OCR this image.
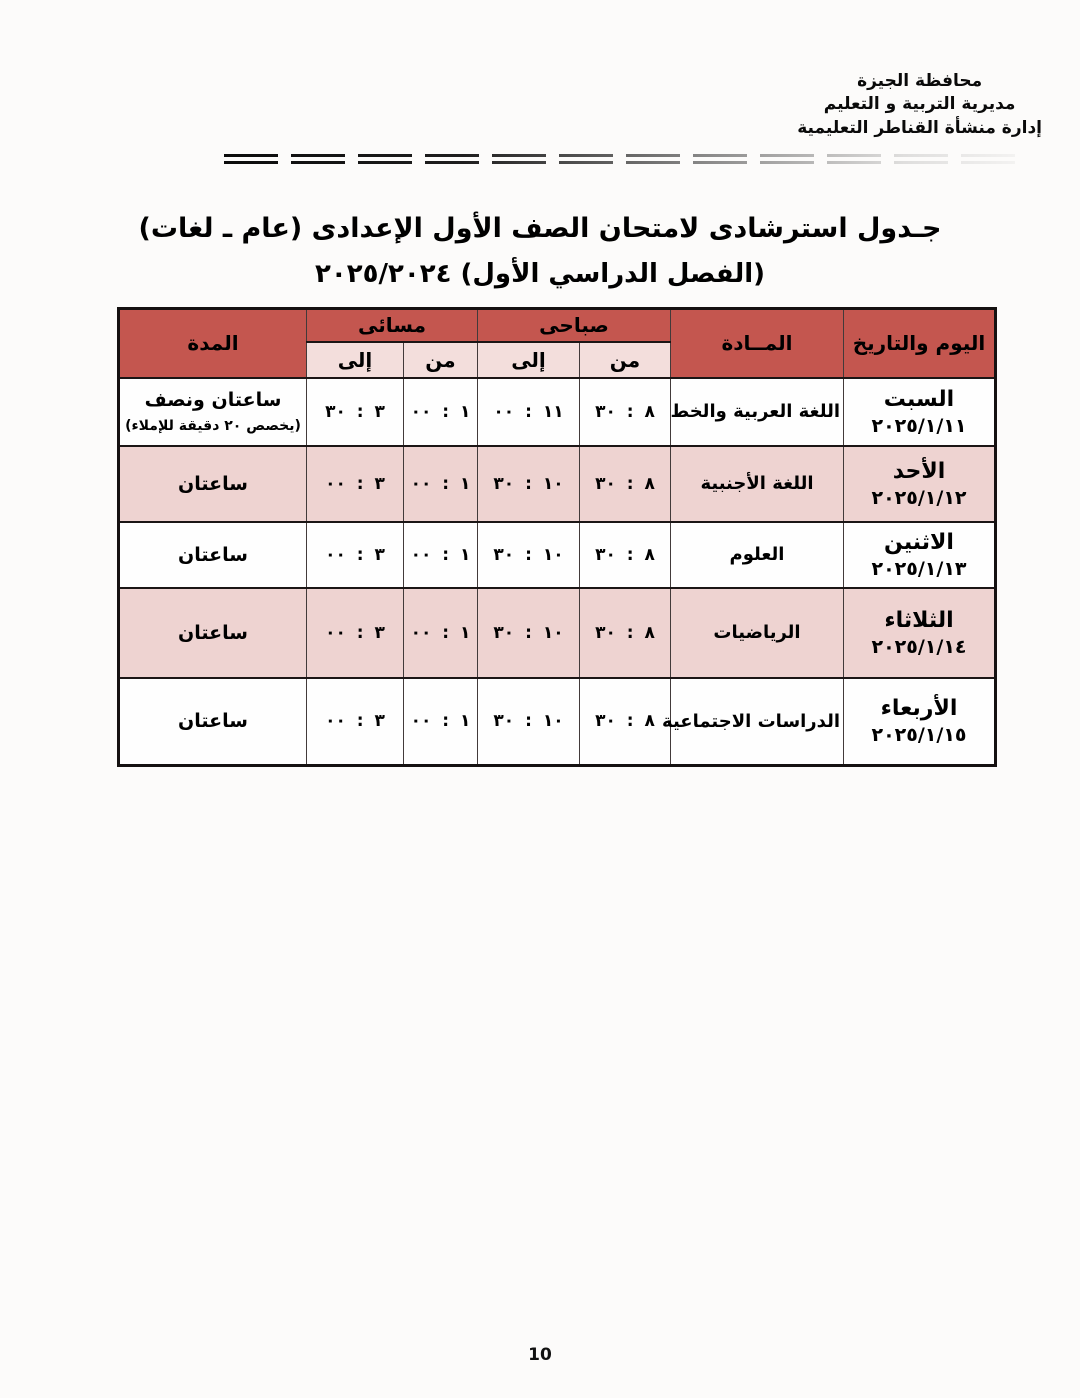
محافظة الجيزة
مديرية التربية و التعليم
إدارة منشأة القناطر التعليمية
جـدول استرشادى لامتحان الصف الأول الإعدادى (عام ـ لغات)
(الفصل الدراسي الأول) ٢٠٢٥/٢٠٢٤
اليوم والتاريخ	المــادة	صباحى		مسائى		المدة
		من	إلى	من	إلى	
السبت
٢٠٢٥/١/١١	اللغة العربية والخط	٨ : ٣٠	١١ : ٠٠	١ : ٠٠	٣ : ٣٠	ساعتان ونصف
(يخصص ٢٠ دقيقة للإملاء)

الأحد
٢٠٢٥/١/١٢	اللغة الأجنبية	٨ : ٣٠	١٠ : ٣٠	١ : ٠٠	٣ : ٠٠	ساعتان
الاثنين
٢٠٢٥/١/١٣	العلوم	٨ : ٣٠	١٠ : ٣٠	١ : ٠٠	٣ : ٠٠	ساعتان
الثلاثاء
٢٠٢٥/١/١٤	الرياضيات	٨ : ٣٠	١٠ : ٣٠	١ : ٠٠	٣ : ٠٠	ساعتان
الأربعاء
٢٠٢٥/١/١٥	الدراسات الاجتماعية	٨ : ٣٠	١٠ : ٣٠	١ : ٠٠	٣ : ٠٠	ساعتان
10
